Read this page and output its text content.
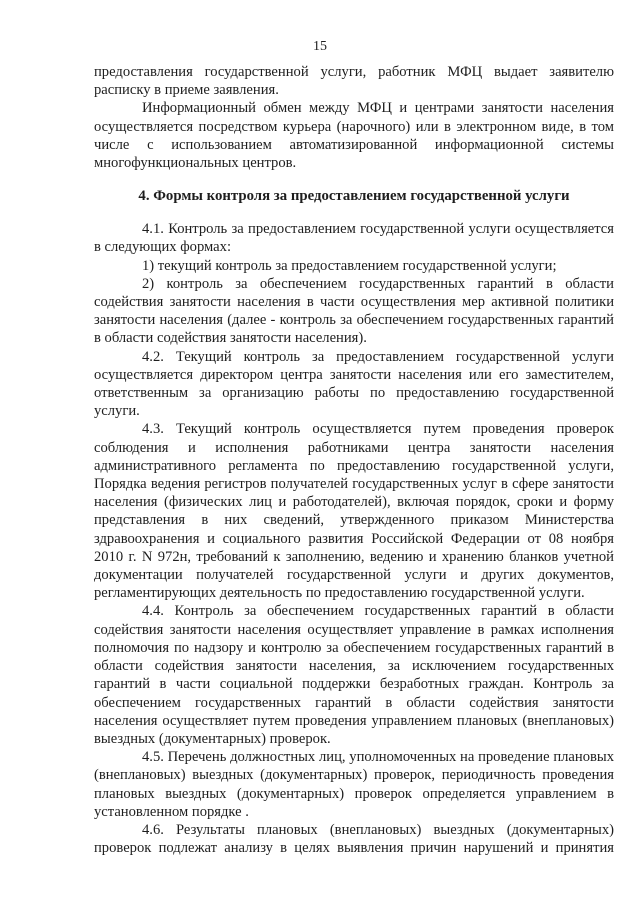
15

предоставления государственной услуги, работник МФЦ выдает заявителю расписку в приеме заявления.

Информационный обмен между МФЦ и центрами занятости населения осуществляется посредством курьера (нарочного) или в электронном виде, в том числе с использованием автоматизированной информационной системы многофункциональных центров.

4. Формы контроля за предоставлением государственной услуги

4.1. Контроль за предоставлением государственной услуги осуществляется в следующих формах:

1) текущий контроль за предоставлением государственной услуги;

2) контроль за обеспечением государственных гарантий в области содействия занятости населения в части осуществления мер активной политики занятости населения (далее - контроль за обеспечением государственных гарантий в области содействия занятости населения).

4.2. Текущий контроль за предоставлением государственной услуги осуществляется директором центра занятости населения или его заместителем, ответственным за организацию работы по предоставлению государственной услуги.

4.3. Текущий контроль осуществляется путем проведения проверок соблюдения и исполнения работниками центра занятости населения административного регламента по предоставлению государственной услуги, Порядка ведения регистров получателей государственных услуг в сфере занятости населения (физических лиц и работодателей), включая порядок, сроки и форму представления в них сведений, утвержденного приказом Министерства здравоохранения и социального развития Российской Федерации от 08 ноября 2010 г. N 972н, требований к заполнению, ведению и хранению бланков учетной документации получателей государственной услуги и других документов, регламентирующих деятельность по предоставлению государственной услуги.

4.4. Контроль за обеспечением государственных гарантий в области содействия занятости населения осуществляет управление в рамках исполнения полномочия по надзору и контролю за обеспечением государственных гарантий в области содействия занятости населения, за исключением государственных гарантий в части социальной поддержки безработных граждан. Контроль за обеспечением государственных гарантий в области содействия занятости населения осуществляет путем проведения управлением плановых (внеплановых) выездных (документарных) проверок.

4.5. Перечень должностных лиц, уполномоченных на проведение плановых (внеплановых) выездных (документарных) проверок, периодичность проведения плановых выездных (документарных) проверок определяется управлением в установленном порядке .

4.6. Результаты плановых (внеплановых) выездных (документарных) проверок подлежат анализу в целях выявления причин нарушений и принятия
